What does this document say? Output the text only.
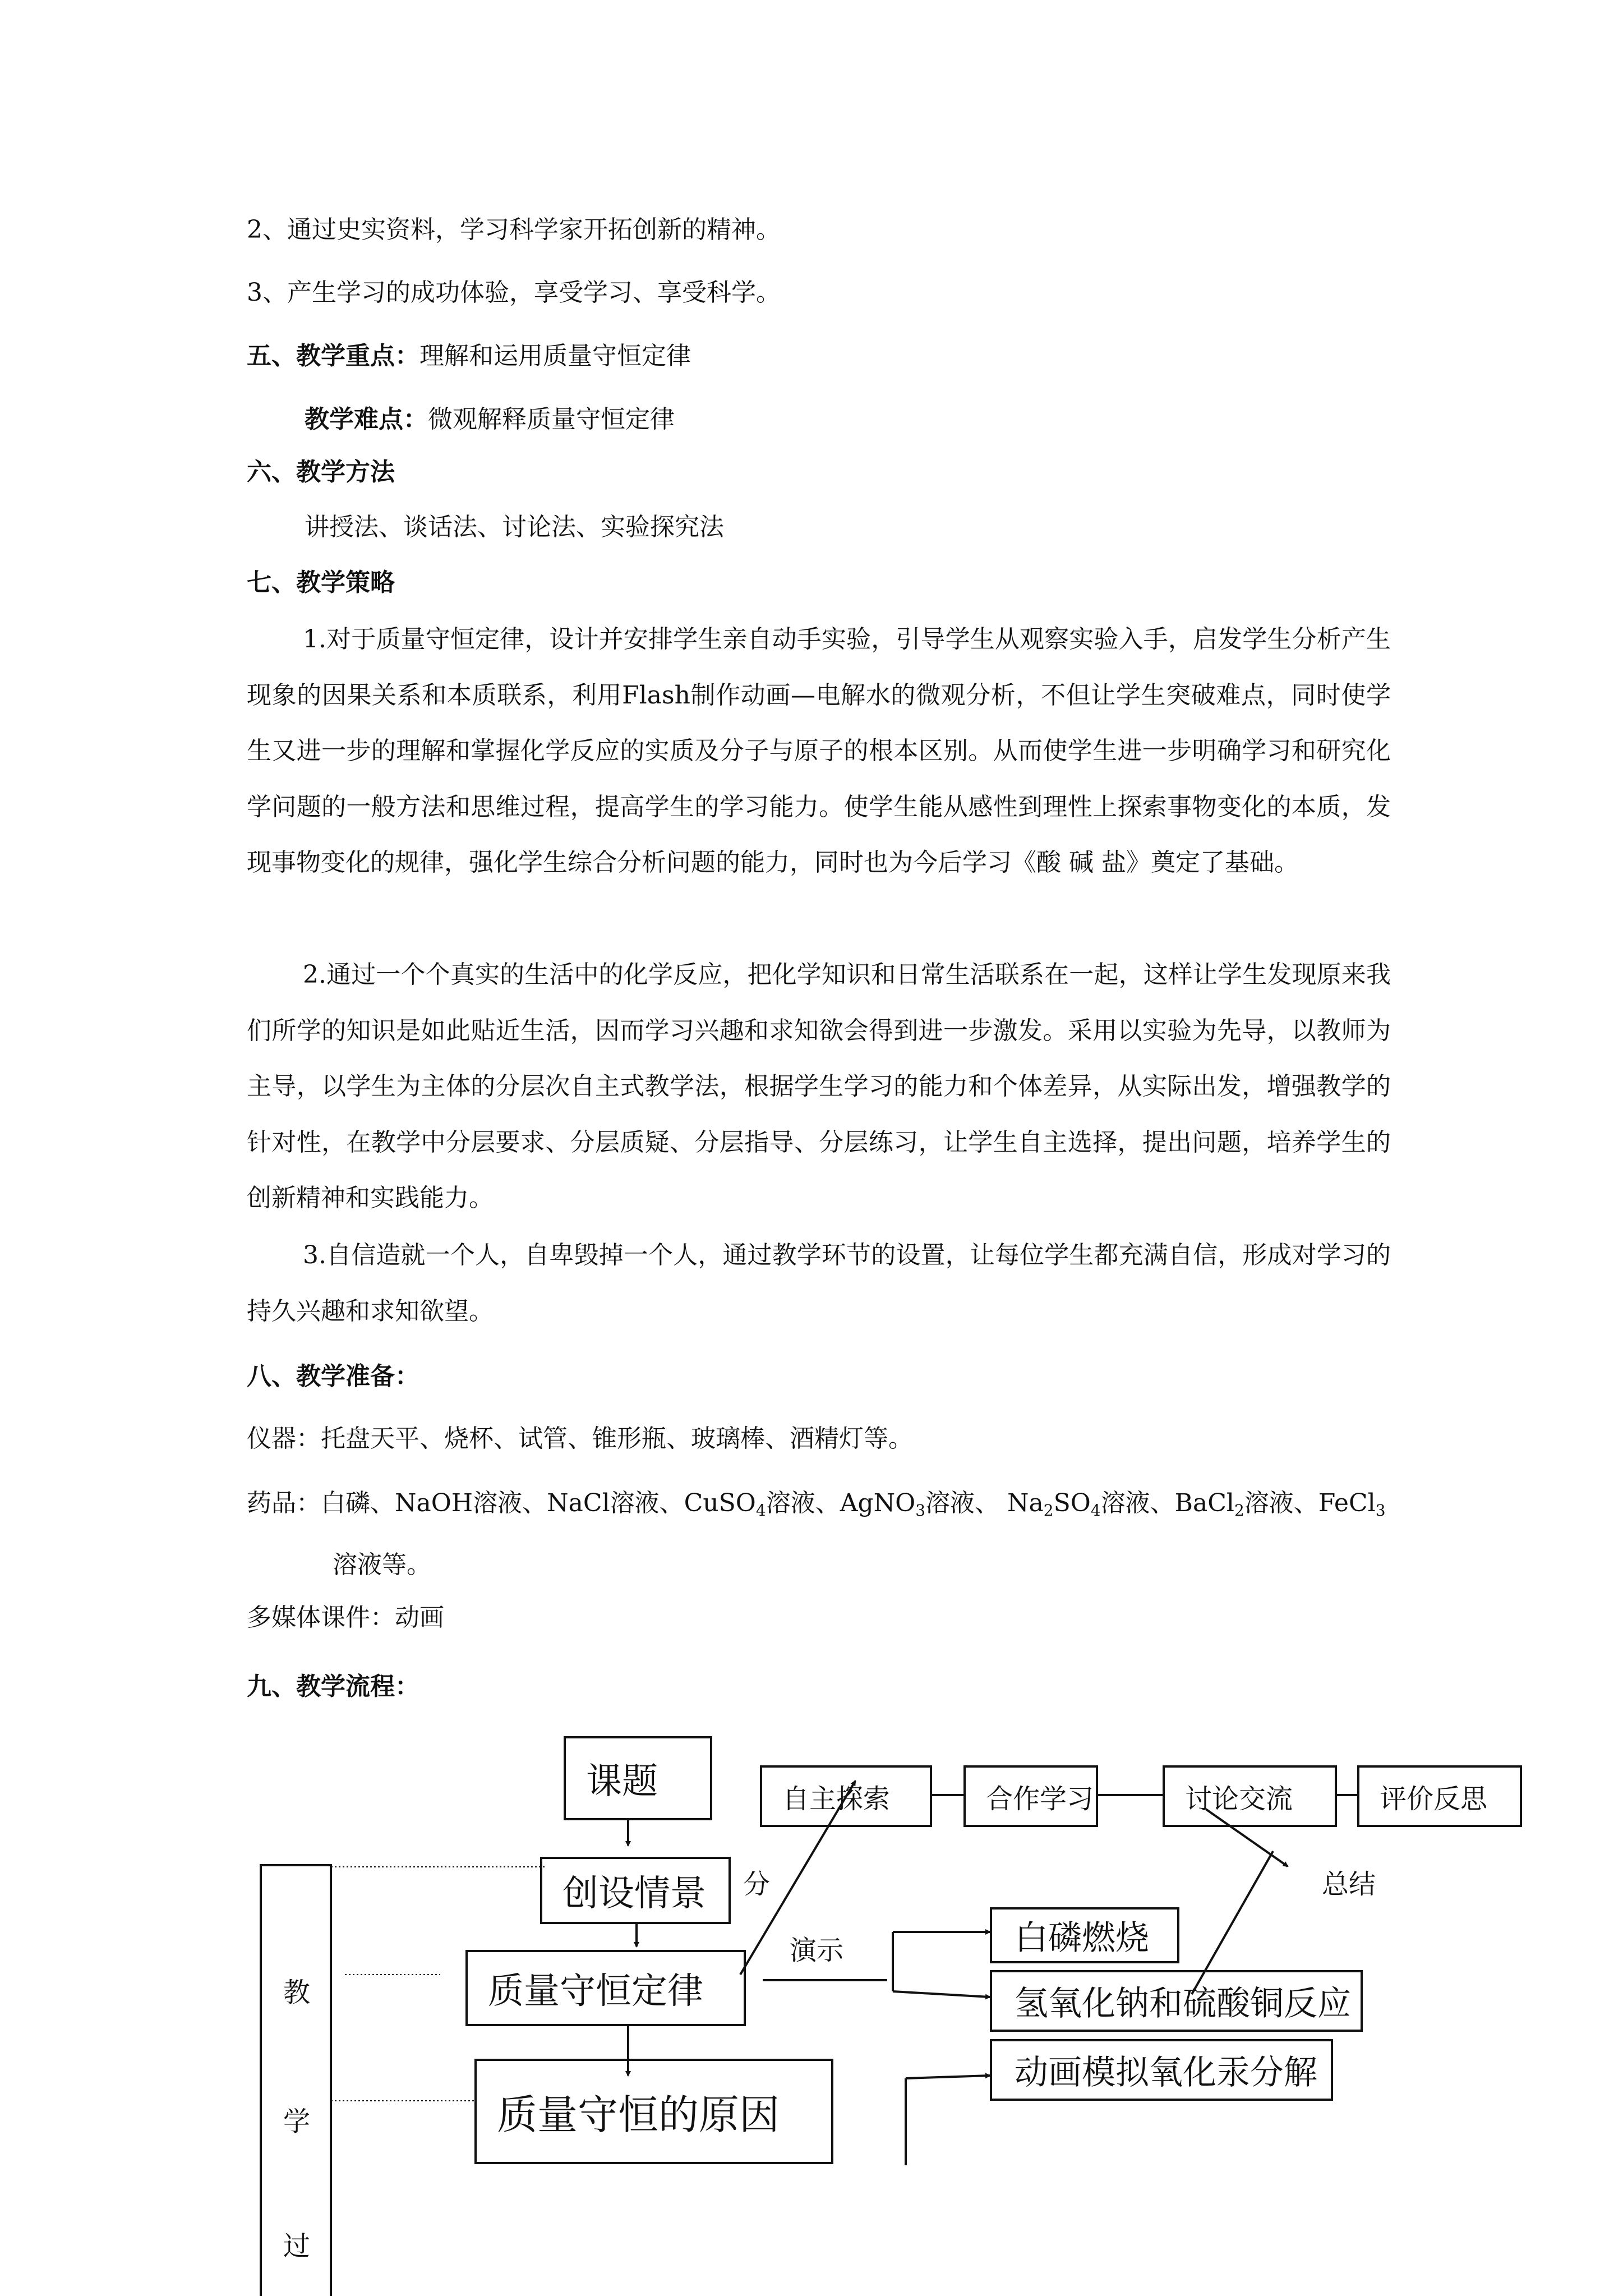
2、通过史实资料，学习科学家开拓创新的精神。
3、产生学习的成功体验，享受学习、享受科学。
五、教学重点：理解和运用质量守恒定律
教学难点：微观解释质量守恒定律
六、教学方法
讲授法、谈话法、讨论法、实验探究法
七、教学策略
1.对于质量守恒定律，设计并安排学生亲自动手实验，引导学生从观察实验入手，启发学生分析产生现象的因果关系和本质联系，利用Flash制作动画—电解水的微观分析，不但让学生突破难点，同时使学生又进一步的理解和掌握化学反应的实质及分子与原子的根本区别。从而使学生进一步明确学习和研究化学问题的一般方法和思维过程，提高学生的学习能力。使学生能从感性到理性上探索事物变化的本质，发现事物变化的规律，强化学生综合分析问题的能力，同时也为今后学习《酸 碱 盐》奠定了基础。
2.通过一个个真实的生活中的化学反应，把化学知识和日常生活联系在一起，这样让学生发现原来我们所学的知识是如此贴近生活，因而学习兴趣和求知欲会得到进一步激发。采用以实验为先导，以教师为主导，以学生为主体的分层次自主式教学法，根据学生学习的能力和个体差异，从实际出发，增强教学的针对性，在教学中分层要求、分层质疑、分层指导、分层练习，让学生自主选择，提出问题，培养学生的创新精神和实践能力。
3.自信造就一个人，自卑毁掉一个人，通过教学环节的设置，让每位学生都充满自信，形成对学习的持久兴趣和求知欲望。
八、教学准备：
仪器：托盘天平、烧杯、试管、锥形瓶、玻璃棒、酒精灯等。
药品：白磷、NaOH溶液、NaCl溶液、CuSO$_4$溶液、AgNO$_3$溶液、 $Na_2SO_4$溶液、BaCl$_2$溶液、FeCl$_3$
溶液等。
多媒体课件：动画
九、教学流程：
课题
创设情景
质量守恒定律
质量守恒的原因
自主探索	合作学习	讨论交流	评价反思
白磷燃烧
氢氧化钠和硫酸铜反应
动画模拟氧化汞分解
总结
演示
分
教
学
过
